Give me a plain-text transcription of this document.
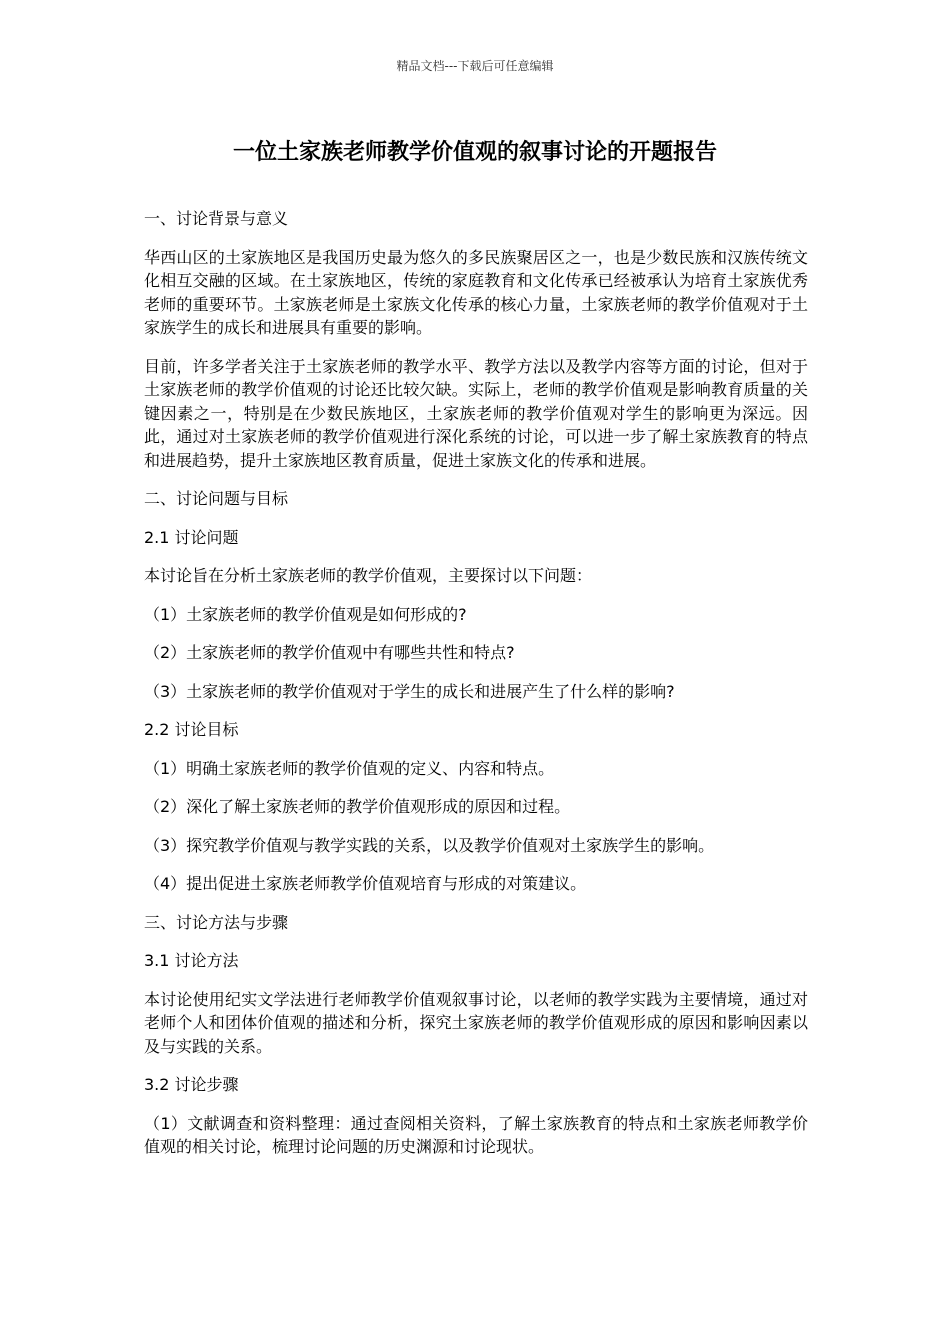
精品文档---下载后可任意编辑
一位土家族老师教学价值观的叙事讨论的开题报告

一、讨论背景与意义

华西山区的土家族地区是我国历史最为悠久的多民族聚居区之一，也是少数民族和汉族传统文化相互交融的区域。在土家族地区，传统的家庭教育和文化传承已经被承认为培育土家族优秀老师的重要环节。土家族老师是土家族文化传承的核心力量，土家族老师的教学价值观对于土家族学生的成长和进展具有重要的影响。

目前，许多学者关注于土家族老师的教学水平、教学方法以及教学内容等方面的讨论，但对于土家族老师的教学价值观的讨论还比较欠缺。实际上，老师的教学价值观是影响教育质量的关键因素之一，特别是在少数民族地区，土家族老师的教学价值观对学生的影响更为深远。因此，通过对土家族老师的教学价值观进行深化系统的讨论，可以进一步了解土家族教育的特点和进展趋势，提升土家族地区教育质量，促进土家族文化的传承和进展。

二、讨论问题与目标

2.1 讨论问题

本讨论旨在分析土家族老师的教学价值观，主要探讨以下问题：

（1）土家族老师的教学价值观是如何形成的?

（2）土家族老师的教学价值观中有哪些共性和特点?

（3）土家族老师的教学价值观对于学生的成长和进展产生了什么样的影响?

2.2 讨论目标

（1）明确土家族老师的教学价值观的定义、内容和特点。

（2）深化了解土家族老师的教学价值观形成的原因和过程。

（3）探究教学价值观与教学实践的关系，以及教学价值观对土家族学生的影响。

（4）提出促进土家族老师教学价值观培育与形成的对策建议。

三、讨论方法与步骤

3.1 讨论方法

本讨论使用纪实文学法进行老师教学价值观叙事讨论，以老师的教学实践为主要情境，通过对老师个人和团体价值观的描述和分析，探究土家族老师的教学价值观形成的原因和影响因素以及与实践的关系。

3.2 讨论步骤

（1）文献调查和资料整理：通过查阅相关资料，了解土家族教育的特点和土家族老师教学价值观的相关讨论，梳理讨论问题的历史渊源和讨论现状。
